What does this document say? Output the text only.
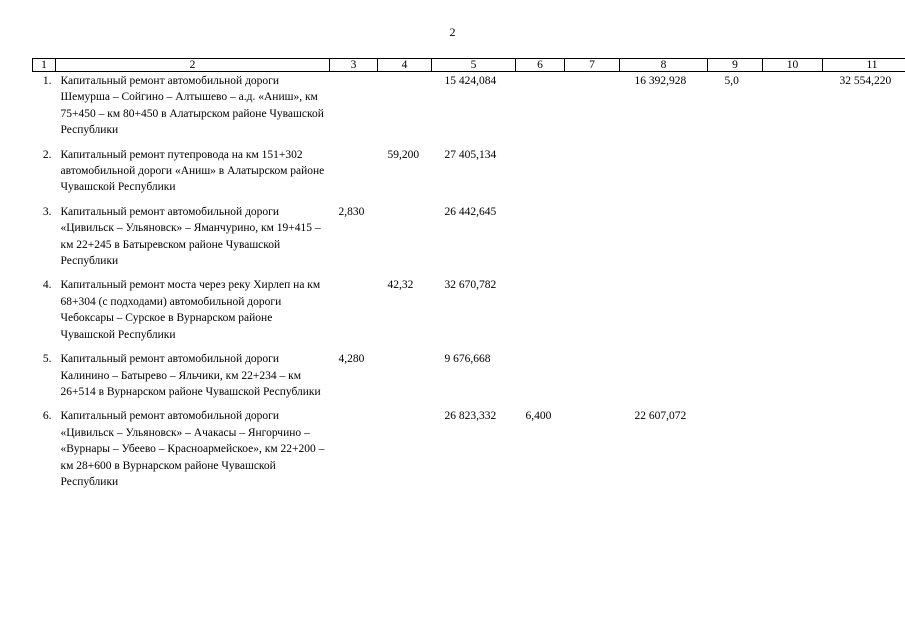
2
1	2	3	4	5	6	7	8	9	10	11
1.	Капитальный ремонт автомобильной дороги Шемурша – Сойгино – Алтышево – а.д. «Аниш», км 75+450 – км 80+450 в Алатырском районе Чувашской Республики			15 424,084			16 392,928	5,0		32 554,220
2.	Капитальный ремонт путепровода на км 151+302 автомобильной дороги «Аниш» в Алатырском районе Чувашской Республики		59,200	27 405,134						
3.	Капитальный ремонт автомобильной дороги «Цивильск – Ульяновск» – Яманчурино, км 19+415 – км 22+245 в Батыревском районе Чувашской Республики	2,830		26 442,645						
4.	Капитальный ремонт моста через реку Хирлеп на км 68+304 (с подходами) автомобильной дороги Чебоксары – Сурское в Вурнарском районе Чувашской Республики		42,32	32 670,782						
5.	Капитальный ремонт автомобильной дороги Калинино – Батырево – Яльчики, км 22+234 – км 26+514 в Вурнарском районе Чувашской Республики	4,280		9 676,668						
6.	Капитальный ремонт автомобильной дороги «Цивильск – Ульяновск» – Ачакасы – Янгорчино – «Вурнары – Убеево – Красноармейское», км 22+200 – км 28+600 в Вурнарском районе Чувашской Республики			26 823,332	6,400		22 607,072			
